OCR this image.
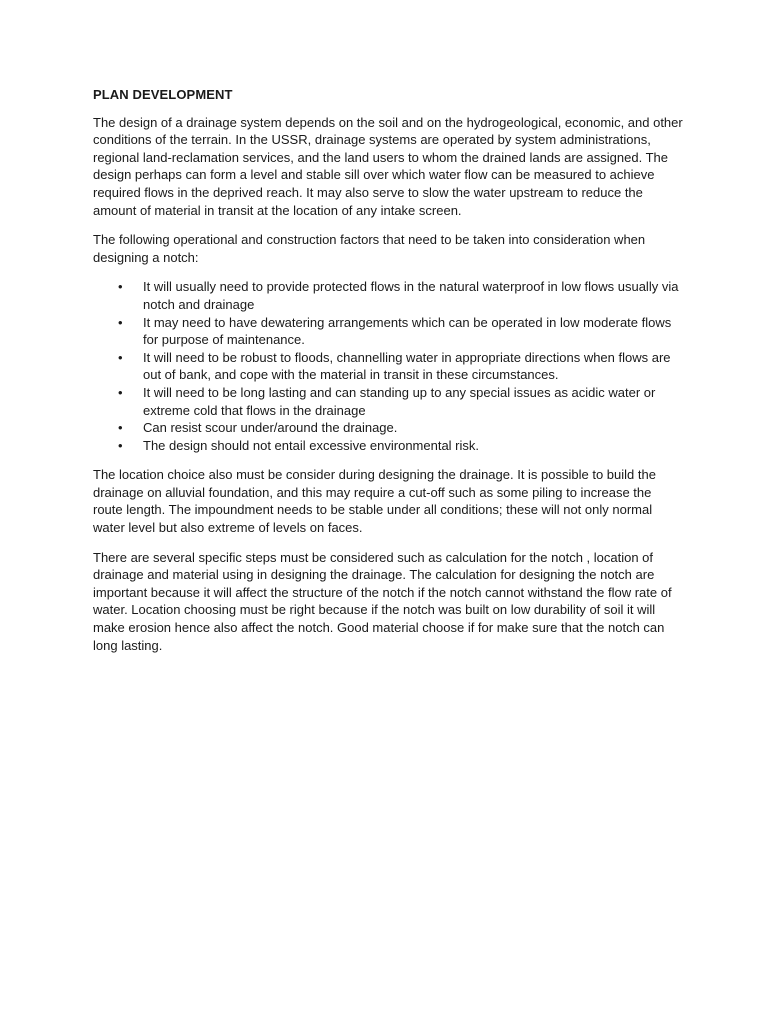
PLAN DEVELOPMENT

The design of a drainage system depends on the soil and on the hydrogeological, economic, and other conditions of the terrain. In the USSR, drainage systems are operated by system administrations, regional land-reclamation services, and the land users to whom the drained lands are assigned. The design perhaps can form a level and stable sill over which water flow can be measured to achieve required flows in the deprived reach. It may also serve to slow the water upstream to reduce the amount of material in transit at the location of any intake screen.

The following operational and construction factors that need to be taken into consideration when designing a notch:

• It will usually need to provide protected flows in the natural waterproof in low flows usually via notch and drainage
• It may need to have dewatering arrangements which can be operated in low moderate flows for purpose of maintenance.
• It will need to be robust to floods, channelling water in appropriate directions when flows are out of bank, and cope with the material in transit in these circumstances.
• It will need to be long lasting and can standing up to any special issues as acidic water or extreme cold that flows in the drainage
• Can resist scour under/around the drainage.
• The design should not entail excessive environmental risk.

The location choice also must be consider during designing the drainage. It is possible to build the drainage on alluvial foundation, and this may require a cut-off such as some piling to increase the route length. The impoundment needs to be stable under all conditions; these will not only normal water level but also extreme of levels on faces.

There are several specific steps must be considered such as calculation for the notch , location of drainage and material using in designing the drainage. The calculation for designing the notch are important because it will affect the structure of the notch if the notch cannot withstand the flow rate of water. Location choosing must be right because if the notch was built on low durability of soil it will make erosion hence also affect the notch. Good material choose if for make sure that the notch can long lasting.
